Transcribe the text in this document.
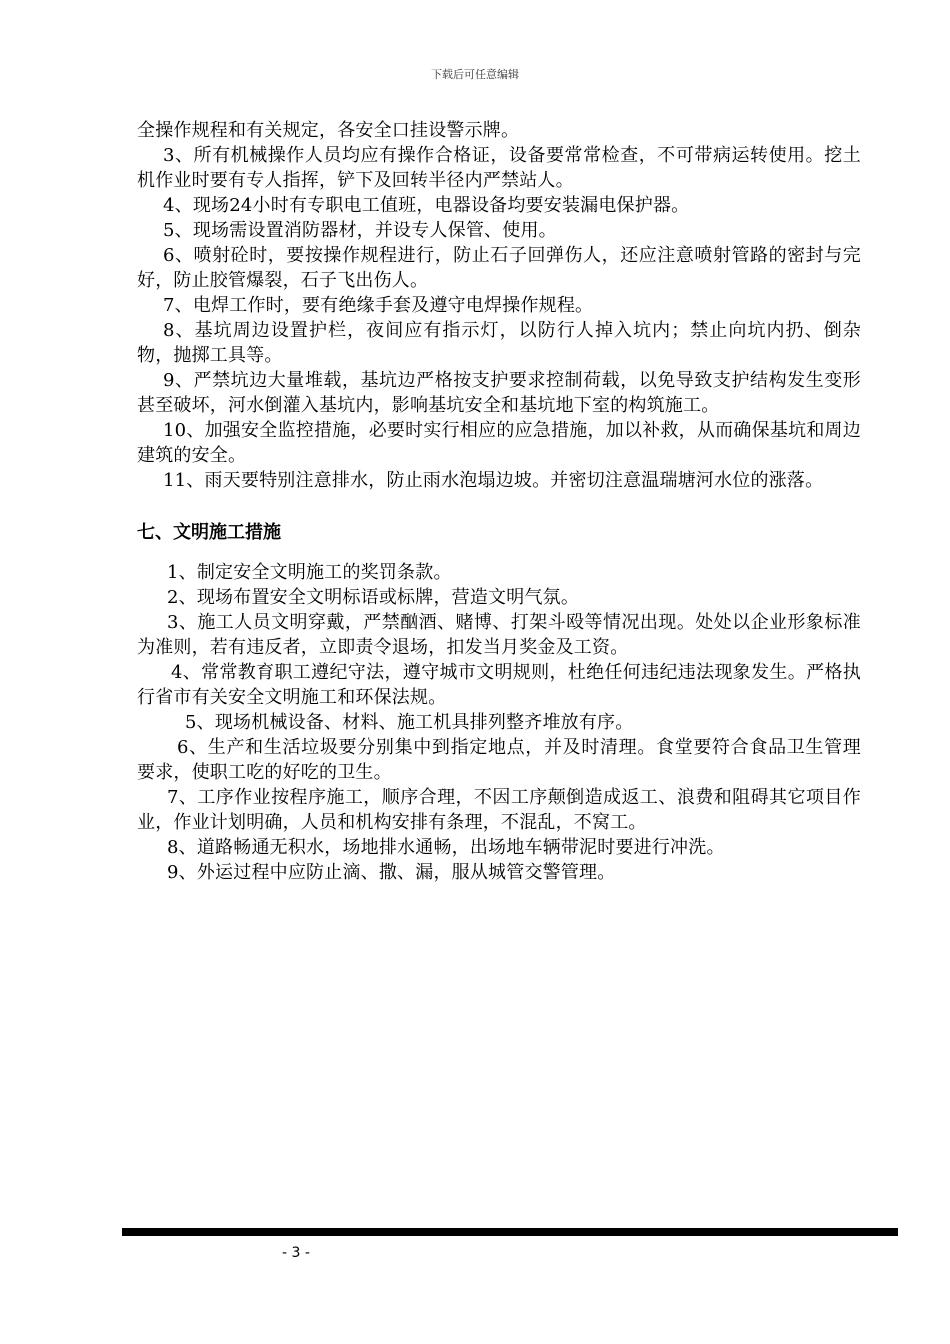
下载后可任意编辑

全操作规程和有关规定，各安全口挂设警示牌。

3、所有机械操作人员均应有操作合格证，设备要常常检查，不可带病运转使用。挖土机作业时要有专人指挥，铲下及回转半径内严禁站人。

4、现场24小时有专职电工值班，电器设备均要安装漏电保护器。

5、现场需设置消防器材，并设专人保管、使用。

6、喷射砼时，要按操作规程进行，防止石子回弹伤人，还应注意喷射管路的密封与完好，防止胶管爆裂，石子飞出伤人。

7、电焊工作时，要有绝缘手套及遵守电焊操作规程。

8、基坑周边设置护栏，夜间应有指示灯，以防行人掉入坑内；禁止向坑内扔、倒杂物，抛掷工具等。

9、严禁坑边大量堆载，基坑边严格按支护要求控制荷载，以免导致支护结构发生变形甚至破坏，河水倒灌入基坑内，影响基坑安全和基坑地下室的构筑施工。

10、加强安全监控措施，必要时实行相应的应急措施，加以补救，从而确保基坑和周边建筑的安全。

11、雨天要特别注意排水，防止雨水泡塌边坡。并密切注意温瑞塘河水位的涨落。

七、文明施工措施

1、制定安全文明施工的奖罚条款。

2、现场布置安全文明标语或标牌，营造文明气氛。

3、施工人员文明穿戴，严禁酗酒、赌博、打架斗殴等情况出现。处处以企业形象标准为准则，若有违反者，立即责令退场，扣发当月奖金及工资。

4、常常教育职工遵纪守法，遵守城市文明规则，杜绝任何违纪违法现象发生。严格执行省市有关安全文明施工和环保法规。

5、现场机械设备、材料、施工机具排列整齐堆放有序。

6、生产和生活垃圾要分别集中到指定地点，并及时清理。食堂要符合食品卫生管理要求，使职工吃的好吃的卫生。

7、工序作业按程序施工，顺序合理，不因工序颠倒造成返工、浪费和阻碍其它项目作业，作业计划明确，人员和机构安排有条理，不混乱，不窝工。

8、道路畅通无积水，场地排水通畅，出场地车辆带泥时要进行冲洗。

9、外运过程中应防止滴、撒、漏，服从城管交警管理。

- 3 -
